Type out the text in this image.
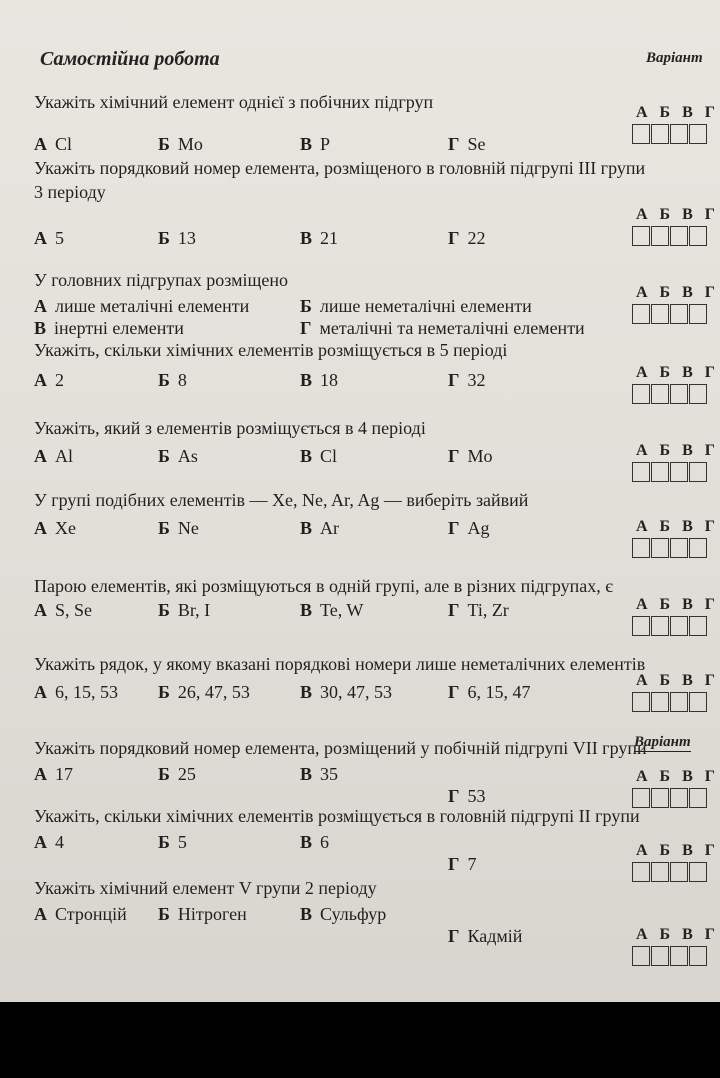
Самостійна робота	Варіант
Варіант
Укажіть хімічний елемент однієї з побічних підгруп
А Cl	Б Mo	В P	Г Se
А Б В Г
Укажіть порядковий номер елемента, розміщеного в головній підгрупі III групи
3 періоду
А 5	Б 13	В 21	Г 22
А Б В Г
У головних підгрупах розміщено
А лише металічні елементи	Б лише неметалічні елементи
В інертні елементи	Г металічні та неметалічні елементи
А Б В Г
Укажіть, скільки хімічних елементів розміщується в 5 періоді
А 2	Б 8	В 18	Г 32	А Б В Г
Укажіть, який з елементів розміщується в 4 періоді
А Al	Б As	В Cl	Г Mo	А Б В Г
У групі подібних елементів — Xe, Ne, Ar, Ag — виберіть зайвий
А Xe	Б Ne	В Ar	Г Ag	А Б В Г
Парою елементів, які розміщуються в одній групі, але в різних підгрупах, є
А S, Se	Б Br, I	В Te, W	Г Ti, Zr	А Б В Г
Укажіть рядок, у якому вказані порядкові номери лише неметалічних елементів
А 6, 15, 53 Б 26, 47, 53	В 30, 47, 53	Г 6, 15, 47
А Б В Г
Укажіть порядковий номер елемента, розміщений у побічній підгрупі VII групи
А 17	Б 25	В 35
Г 53
А Б В Г
Укажіть, скільки хімічних елементів розміщується в головній підгрупі II групи
А 4	Б 5	В 6
Г 7
А Б В Г
Укажіть хімічний елемент V групи 2 періоду
А Стронцій Б Нітроген	В Сульфур
Г Кадмій	А Б В Г
